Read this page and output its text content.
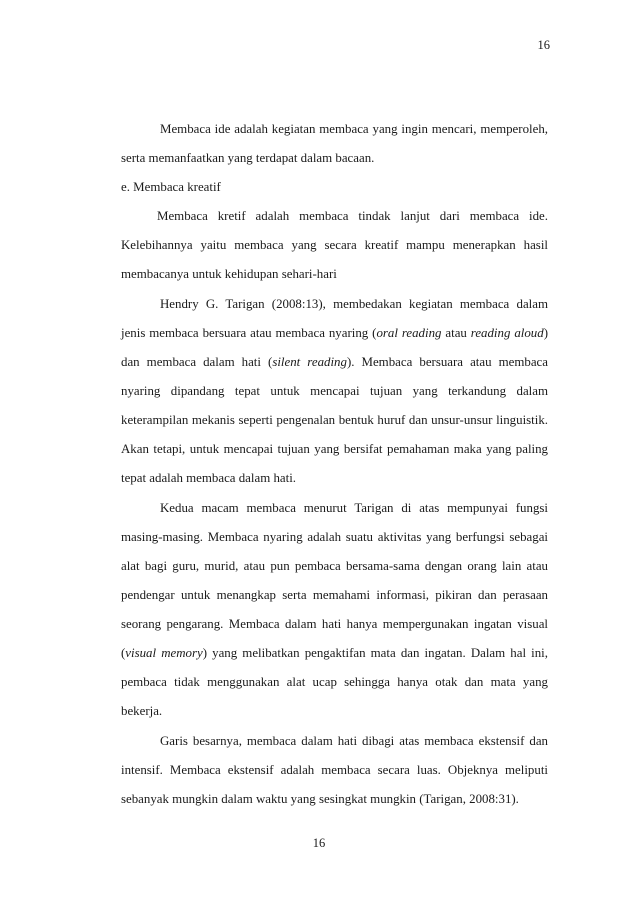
16
Membaca ide adalah kegiatan membaca yang ingin mencari, memperoleh,
serta memanfaatkan yang terdapat dalam bacaan.
e. Membaca kreatif
Membaca kretif adalah membaca tindak lanjut dari membaca ide.
Kelebihannya yaitu membaca yang secara kreatif mampu menerapkan hasil
membacanya untuk kehidupan sehari-hari
Hendry G. Tarigan (2008:13), membedakan kegiatan membaca dalam
jenis membaca bersuara atau membaca nyaring (oral reading atau reading aloud)
dan membaca dalam hati (silent reading). Membaca bersuara atau membaca
nyaring dipandang tepat untuk mencapai tujuan yang terkandung dalam
keterampilan mekanis seperti pengenalan bentuk huruf dan unsur-unsur linguistik.
Akan tetapi, untuk mencapai tujuan yang bersifat pemahaman maka yang paling
tepat adalah membaca dalam hati.
Kedua macam membaca menurut Tarigan di atas mempunyai fungsi
masing-masing. Membaca nyaring adalah suatu aktivitas yang berfungsi sebagai
alat bagi guru, murid, atau pun pembaca bersama-sama dengan orang lain atau
pendengar untuk menangkap serta memahami informasi, pikiran dan perasaan
seorang pengarang. Membaca dalam hati hanya mempergunakan ingatan visual
(visual memory) yang melibatkan pengaktifan mata dan ingatan. Dalam hal ini,
pembaca tidak menggunakan alat ucap sehingga hanya otak dan mata yang
bekerja.
Garis besarnya, membaca dalam hati dibagi atas membaca ekstensif dan
intensif. Membaca ekstensif adalah membaca secara luas. Objeknya meliputi
sebanyak mungkin dalam waktu yang sesingkat mungkin (Tarigan, 2008:31).
16
